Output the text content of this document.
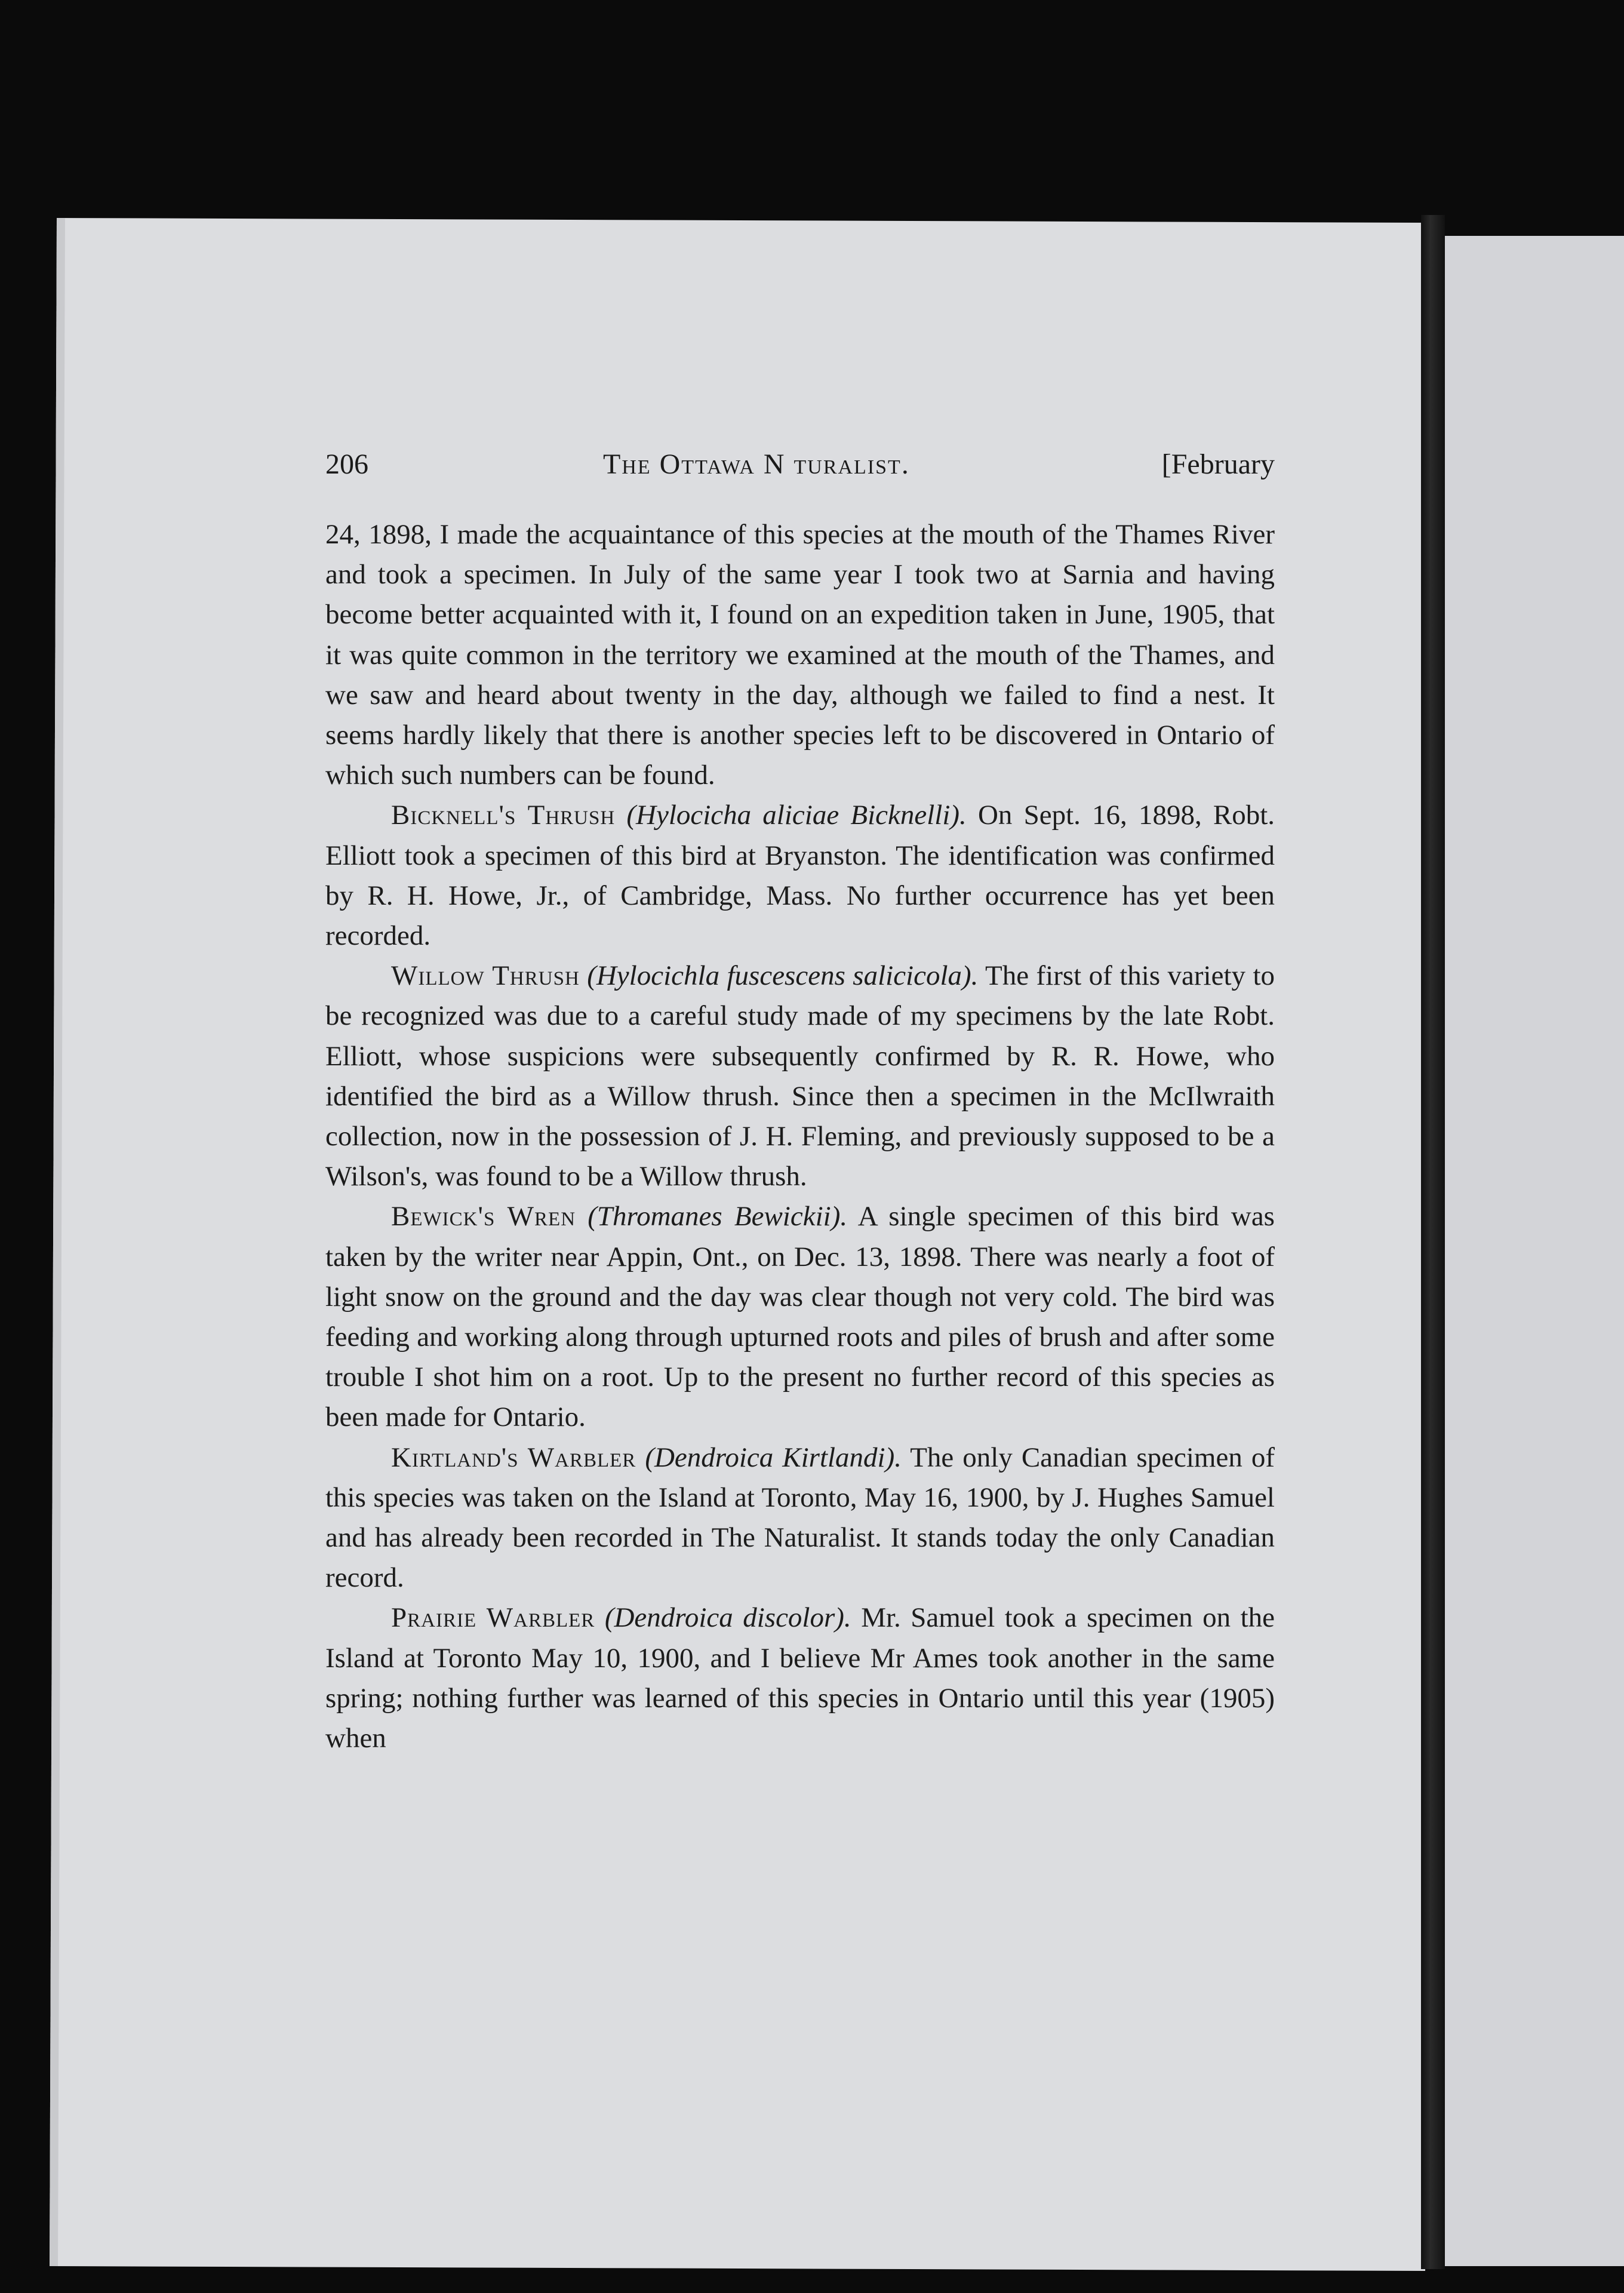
206	The Ottawa N turalist.	[February

24, 1898, I made the acquaintance of this species at the mouth of the Thames River and took a specimen. In July of the same year I took two at Sarnia and having become better acquainted with it, I found on an expedition taken in June, 1905, that it was quite common in the territory we examined at the mouth of the Thames, and we saw and heard about twenty in the day, although we failed to find a nest. It seems hardly likely that there is another species left to be discovered in Ontario of which such numbers can be found.

Bicknell's Thrush (Hylocicha aliciae Bicknelli). On Sept. 16, 1898, Robt. Elliott took a specimen of this bird at Bryanston. The identification was confirmed by R. H. Howe, Jr., of Cambridge, Mass. No further occurrence has yet been recorded.

Willow Thrush (Hylocichla fuscescens salicicola). The first of this variety to be recognized was due to a careful study made of my specimens by the late Robt. Elliott, whose suspicions were subsequently confirmed by R. R. Howe, who identified the bird as a Willow thrush. Since then a specimen in the McIlwraith collection, now in the possession of J. H. Fleming, and previously supposed to be a Wilson's, was found to be a Willow thrush.

Bewick's Wren (Thromanes Bewickii). A single specimen of this bird was taken by the writer near Appin, Ont., on Dec. 13, 1898. There was nearly a foot of light snow on the ground and the day was clear though not very cold. The bird was feeding and working along through upturned roots and piles of brush and after some trouble I shot him on a root. Up to the present no further record of this species as been made for Ontario.

Kirtland's Warbler (Dendroica Kirtlandi). The only Canadian specimen of this species was taken on the Island at Toronto, May 16, 1900, by J. Hughes Samuel and has already been recorded in The Naturalist. It stands today the only Canadian record.

Prairie Warbler (Dendroica discolor). Mr. Samuel took a specimen on the Island at Toronto May 10, 1900, and I believe Mr Ames took another in the same spring; nothing further was learned of this species in Ontario until this year (1905) when
